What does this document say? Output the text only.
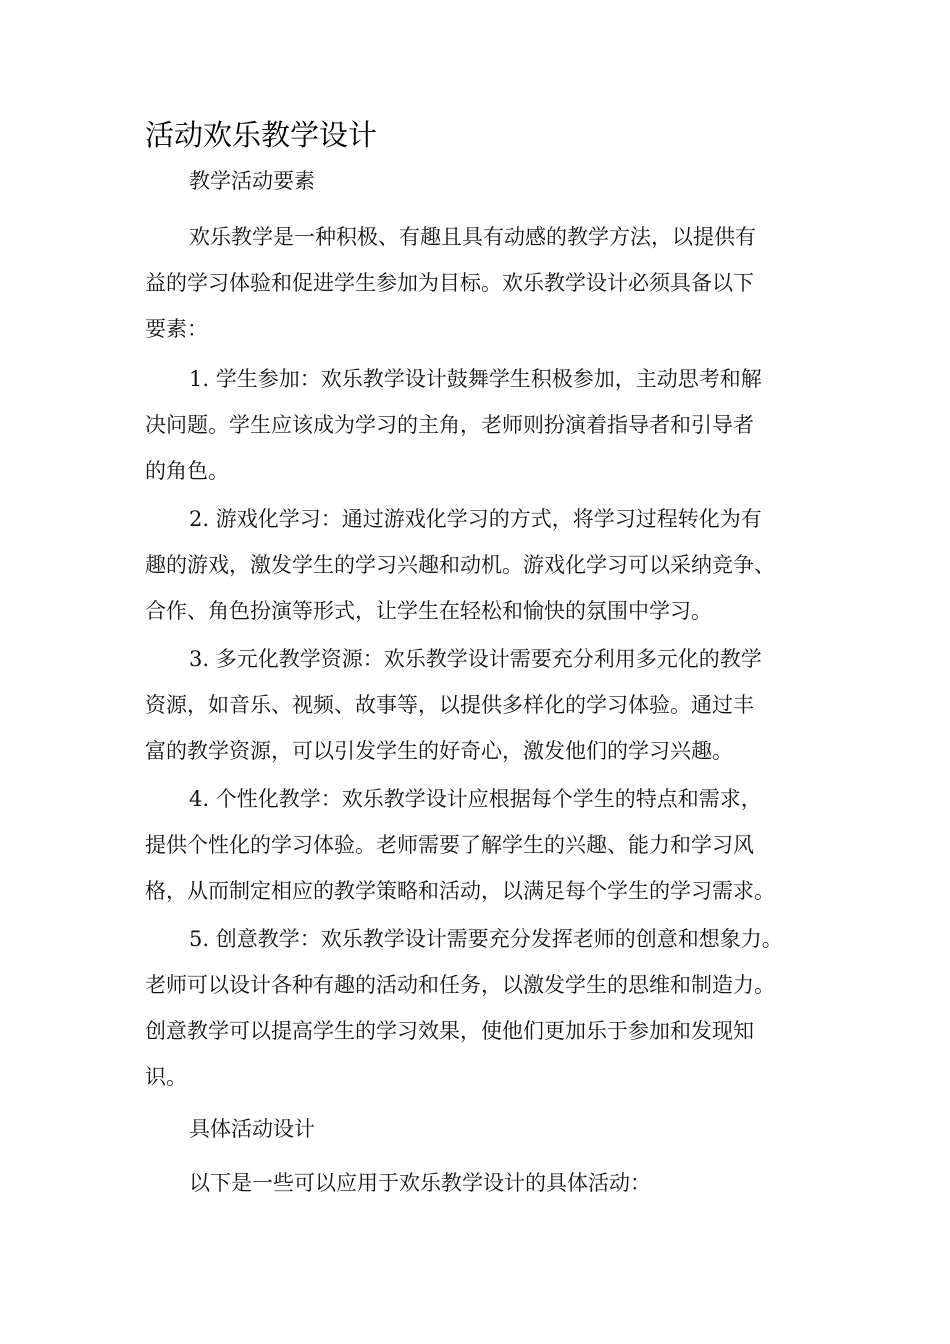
活动欢乐教学设计
教学活动要素
欢乐教学是一种积极、有趣且具有动感的教学方法，以提供有
益的学习体验和促进学生参加为目标。欢乐教学设计必须具备以下
要素：
1. 学生参加：欢乐教学设计鼓舞学生积极参加，主动思考和解
决问题。学生应该成为学习的主角，老师则扮演着指导者和引导者
的角色。
2. 游戏化学习：通过游戏化学习的方式，将学习过程转化为有
趣的游戏，激发学生的学习兴趣和动机。游戏化学习可以采纳竞争、
合作、角色扮演等形式，让学生在轻松和愉快的氛围中学习。
3. 多元化教学资源：欢乐教学设计需要充分利用多元化的教学
资源，如音乐、视频、故事等，以提供多样化的学习体验。通过丰
富的教学资源，可以引发学生的好奇心，激发他们的学习兴趣。
4. 个性化教学：欢乐教学设计应根据每个学生的特点和需求，
提供个性化的学习体验。老师需要了解学生的兴趣、能力和学习风
格，从而制定相应的教学策略和活动，以满足每个学生的学习需求。
5. 创意教学：欢乐教学设计需要充分发挥老师的创意和想象力。
老师可以设计各种有趣的活动和任务，以激发学生的思维和制造力。
创意教学可以提高学生的学习效果，使他们更加乐于参加和发现知
识。
具体活动设计
以下是一些可以应用于欢乐教学设计的具体活动：
